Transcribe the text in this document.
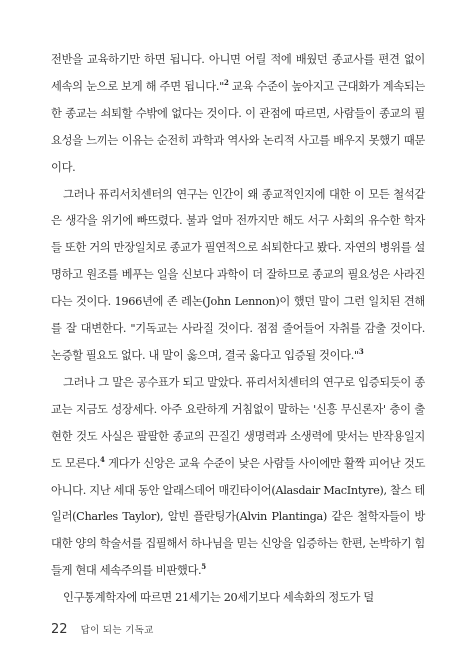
전반을 교육하기만 하면 됩니다. 아니면 어릴 적에 배웠던 종교사를 편견 없이 세속의 눈으로 보게 해 주면 됩니다."$^2$ 교육 수준이 높아지고 근대화가 계속되는 한 종교는 쇠퇴할 수밖에 없다는 것이다. 이 관점에 따르면, 사람들이 종교의 필요성을 느끼는 이유는 순전히 과학과 역사와 논리적 사고를 배우지 못했기 때문이다.

그러나 퓨리서치센터의 연구는 인간이 왜 종교적인지에 대한 이 모든 철석같은 생각을 위기에 빠뜨렸다. 불과 얼마 전까지만 해도 서구 사회의 유수한 학자들 또한 거의 만장일치로 종교가 필연적으로 쇠퇴한다고 봤다. 자연의 병위를 설명하고 원조를 베푸는 일을 신보다 과학이 더 잘하므로 종교의 필요성은 사라진다는 것이다. 1966년에 존 레논(John Lennon)이 했던 말이 그런 일치된 견해를 잘 대변한다. "기독교는 사라질 것이다. 점점 줄어들어 자취를 감출 것이다. 논증할 필요도 없다. 내 말이 옳으며, 결국 옳다고 입증될 것이다."$^3$

그러나 그 말은 공수표가 되고 말았다. 퓨리서치센터의 연구로 입증되듯이 종교는 지금도 성장세다. 아주 요란하게 거침없이 말하는 '신흥 무신론자' 층이 출현한 것도 사실은 팔팔한 종교의 끈질긴 생명력과 소생력에 맞서는 반작용일지도 모른다.$^4$ 게다가 신앙은 교육 수준이 낮은 사람들 사이에만 활짝 피어난 것도 아니다. 지난 세대 동안 알래스데어 매킨타이어(Alasdair MacIntyre), 찰스 테일러(Charles Taylor), 알빈 플란팅가(Alvin Plantinga) 같은 철학자들이 방대한 양의 학술서를 집필해서 하나님을 믿는 신앙을 입증하는 한편, 논박하기 힘들게 현대 세속주의를 비판했다.$^5$

인구통계학자에 따르면 21세기는 20세기보다 세속화의 정도가 덜

22 답이 되는 기독교
